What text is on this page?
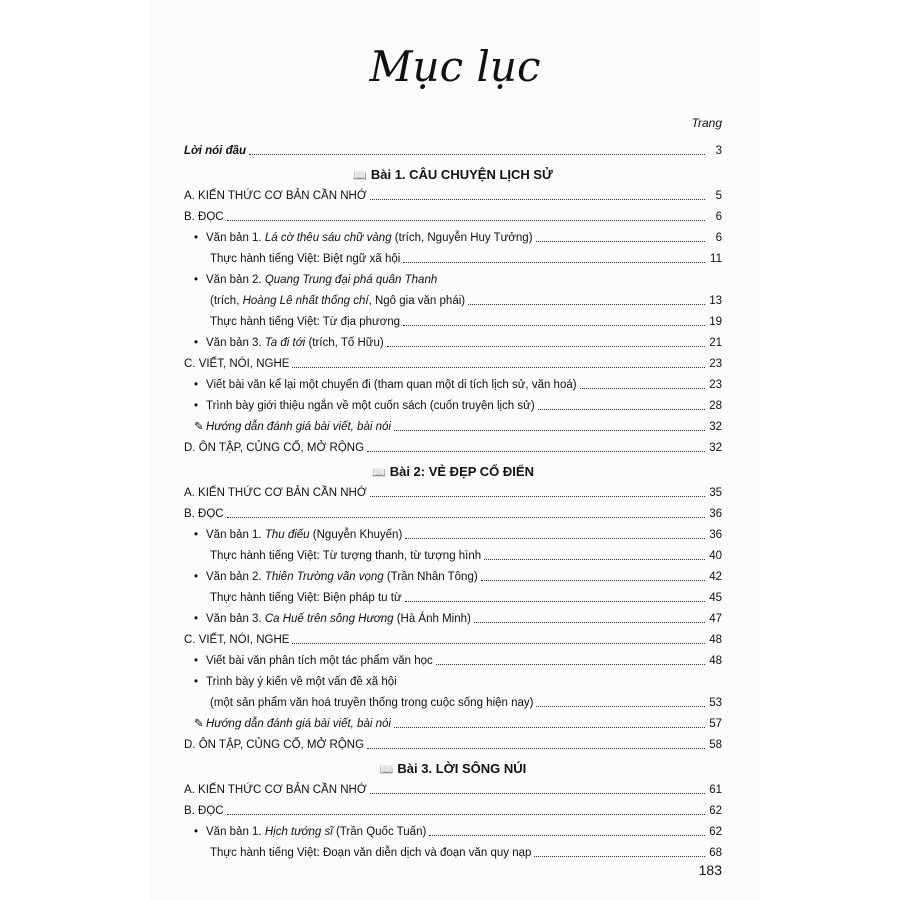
Mục lục
Trang
Lời nói đầu	3
📖 Bài 1. CÂU CHUYỆN LỊCH SỬ
A. KIẾN THỨC CƠ BẢN CẦN NHỚ	5
B. ĐỌC	6
• Văn bản 1. Lá cờ thêu sáu chữ vàng (trích, Nguyễn Huy Tưởng)	6
Thực hành tiếng Việt: Biệt ngữ xã hội	11
• Văn bản 2. Quang Trung đại phá quân Thanh
(trích, Hoàng Lê nhất thống chí, Ngô gia văn phái)	13
Thực hành tiếng Việt: Từ địa phương	19
• Văn bản 3. Ta đi tới (trích, Tố Hữu)	21
C. VIẾT, NÓI, NGHE	23
• Viết bài văn kể lại một chuyến đi (tham quan một di tích lịch sử, văn hoá)	23
• Trình bày giới thiệu ngắn về một cuốn sách (cuốn truyện lịch sử)	28
✎ Hướng dẫn đánh giá bài viết, bài nói	32
D. ÔN TẬP, CỦNG CỐ, MỞ RỘNG	32
📖 Bài 2: VẺ ĐẸP CỔ ĐIỂN
A. KIẾN THỨC CƠ BẢN CẦN NHỚ	35
B. ĐỌC	36
• Văn bản 1. Thu điếu (Nguyễn Khuyến)	36
Thực hành tiếng Việt: Từ tượng thanh, từ tượng hình	40
• Văn bản 2. Thiên Trường vãn vọng (Trần Nhân Tông)	42
Thực hành tiếng Việt: Biện pháp tu từ	45
• Văn bản 3. Ca Huế trên sông Hương (Hà Ánh Minh)	47
C. VIẾT, NÓI, NGHE	48
• Viết bài văn phân tích một tác phẩm văn học	48
• Trình bày ý kiến về một vấn đề xã hội
(một sản phẩm văn hoá truyền thống trong cuộc sống hiện nay)	53
✎ Hướng dẫn đánh giá bài viết, bài nói	57
D. ÔN TẬP, CỦNG CỐ, MỞ RỘNG	58
📖 Bài 3. LỜI SÔNG NÚI
A. KIẾN THỨC CƠ BẢN CẦN NHỚ	61
B. ĐỌC	62
• Văn bản 1. Hịch tướng sĩ (Trần Quốc Tuấn)	62
Thực hành tiếng Việt: Đoạn văn diễn dịch và đoạn văn quy nạp	68
183
